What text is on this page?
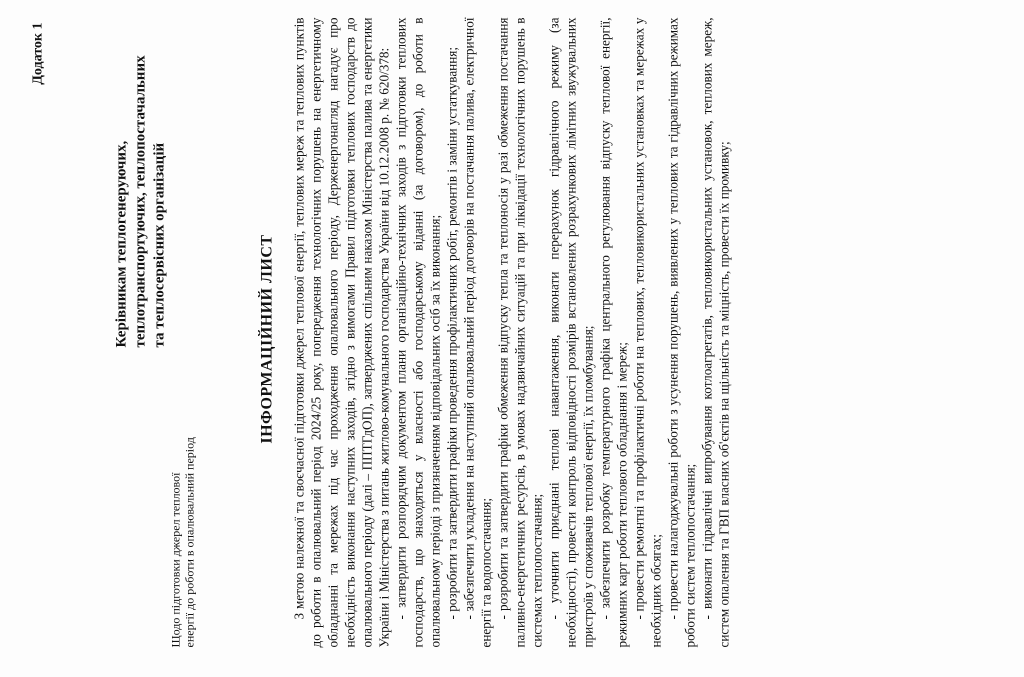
Додаток 1
Керівникам теплогенеруючих, теплотранспортуючих, теплопостачальних та теплосервісних організацій
Щодо підготовки джерел теплової енергії до роботи в опалювальний період
ІНФОРМАЦІЙНИЙ ЛИСТ З метою належної та своєчасної підготовки джерел теплової енергії, теплових мереж та теплових пунктів до роботи в опалювальний період 2024/25 року, попередження технологічних порушень на енергетичному обладнанні та мережах під час проходження опалювального періоду, Держенергонагляд нагадує про необхідність виконання наступних заходів, згідно з вимогами Правил підготовки теплових господарств до опалювального періоду (далі – ППТГдОП), затверджених спільним наказом Міністерства палива та енергетики України і Міністерства з питань житлово-комунального господарства України від 10.12.2008 р. № 620/378: - затвердити розпорядчим документом плани організаційно-технічних заходів з підготовки теплових господарств, що знаходяться у власності або господарському віданні (за договором), до роботи в опалювальному періоді з призначенням відповідальних осіб за їх виконання; - розробити та затвердити графіки проведення профілактичних робіт, ремонтів і заміни устаткування; - забезпечити укладення на наступний опалювальний період договорів на постачання палива, електричної енергії та водопостачання; - розробити та затвердити графіки обмеження відпуску тепла та теплоносія у разі обмеження постачання паливно-енергетичних ресурсів, в умовах надзвичайних ситуацій та при ліквідації технологічних порушень в системах теплопостачання; - уточнити приєднані теплові навантаження, виконати перерахунок гідравлічного режиму (за необхідності), провести контроль відповідності розмірів встановлених розрахункових лімітних звужувальних пристроїв у споживачів теплової енергії, їх пломбування; - забезпечити розробку температурного графіка центрального регулювання відпуску теплової енергії, режимних карт роботи теплового обладнання і мереж; - провести ремонтні та профілактичні роботи на теплових, тепловикористальних установках та мережах у необхідних обсягах; - провести налагоджувальні роботи з усунення порушень, виявлених у теплових та гідравлічних режимах роботи систем теплопостачання; - виконати гідравлічні випробування котлоагрегатів, тепловикористальних установок, теплових мереж, систем опалення та ГВП власних об'єктів на щільність та міцність, провести їх промивку;
